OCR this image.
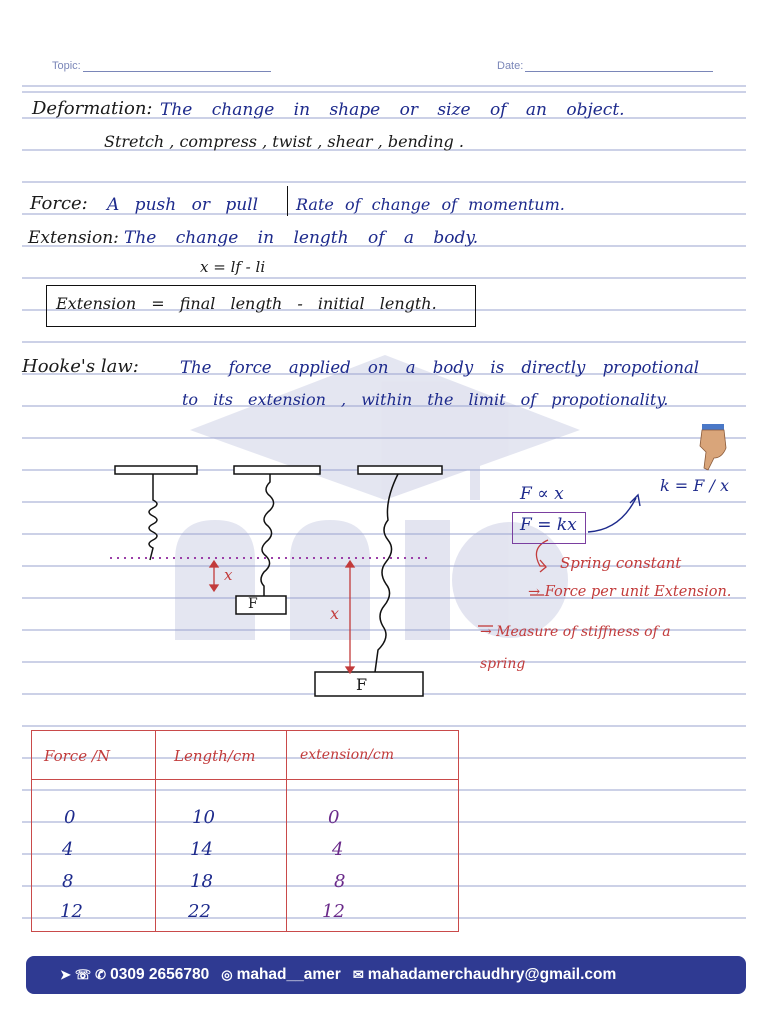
Topic:	Date:
Deformation: The change in shape or size of an object.
Stretch , compress , twist , shear , bending .
Force: A push or pull Rate of change of momentum.
Extension: The change in length of a body.
x = lf - li
Extension = final length - initial length.
Hooke's law: The force applied on a body is directly propotional
to its extension , within the limit of propotionality.
F
F
x
x
F ∝ x
F = kx
k = F / x
Spring constant
→ Force per unit Extension.
→ Measure of stiffness of a spring
Force /N	Length/cm	extension/cm
0	10	0
4	14	4
8	18	8
12	22	12
➤ ☏ ✆ 0309 2656780 ◎ mahad__amer ✉ mahadamerchaudhry@gmail.com
